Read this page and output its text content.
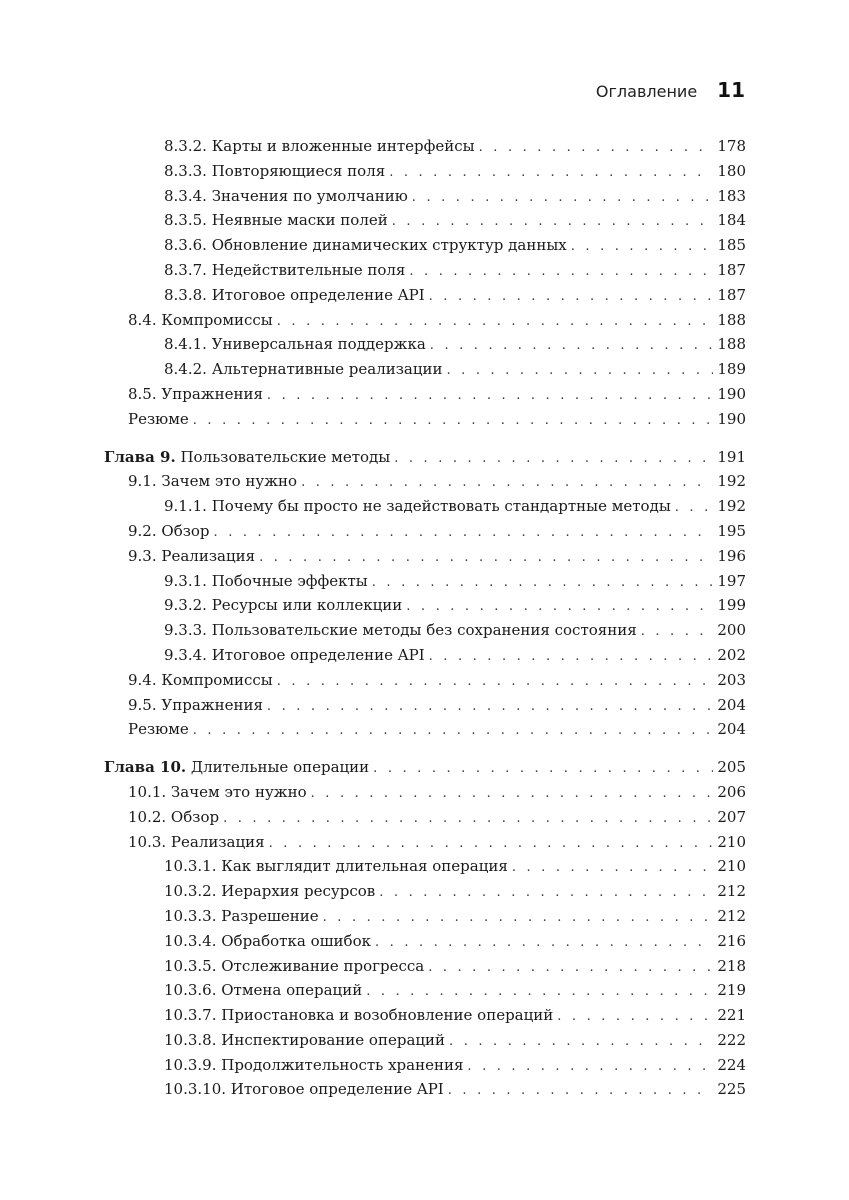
Оглавление 11
8.3.2. Карты и вложенные интерфейсы . . .	178
8.3.3. Повторяющиеся поля . . .	180
8.3.4. Значения по умолчанию . . .	183
8.3.5. Неявные маски полей . . .	184
8.3.6. Обновление динамических структур данных . . .	185
8.3.7. Недействительные поля . . .	187
8.3.8. Итоговое определение API . . .	187
8.4. Компромиссы . . .	188
8.4.1. Универсальная поддержка . . .	188
8.4.2. Альтернативные реализации . . .	189
8.5. Упражнения . . .	190
Резюме . . .	190
Глава 9. Пользовательские методы . . .	191
9.1. Зачем это нужно . . .	192
9.1.1. Почему бы просто не задействовать стандартные методы . . .	192
9.2. Обзор . . .	195
9.3. Реализация . . .	196
9.3.1. Побочные эффекты . . .	197
9.3.2. Ресурсы или коллекции . . .	199
9.3.3. Пользовательские методы без сохранения состояния . . .	200
9.3.4. Итоговое определение API . . .	202
9.4. Компромиссы . . .	203
9.5. Упражнения . . .	204
Резюме . . .	204
Глава 10. Длительные операции . . .	205
10.1. Зачем это нужно . . .	206
10.2. Обзор . . .	207
10.3. Реализация . . .	210
10.3.1. Как выглядит длительная операция . . .	210
10.3.2. Иерархия ресурсов . . .	212
10.3.3. Разрешение . . .	212
10.3.4. Обработка ошибок . . .	216
10.3.5. Отслеживание прогресса . . .	218
10.3.6. Отмена операций . . .	219
10.3.7. Приостановка и возобновление операций . . .	221
10.3.8. Инспектирование операций . . .	222
10.3.9. Продолжительность хранения . . .	224
10.3.10. Итоговое определение API . . .	225
